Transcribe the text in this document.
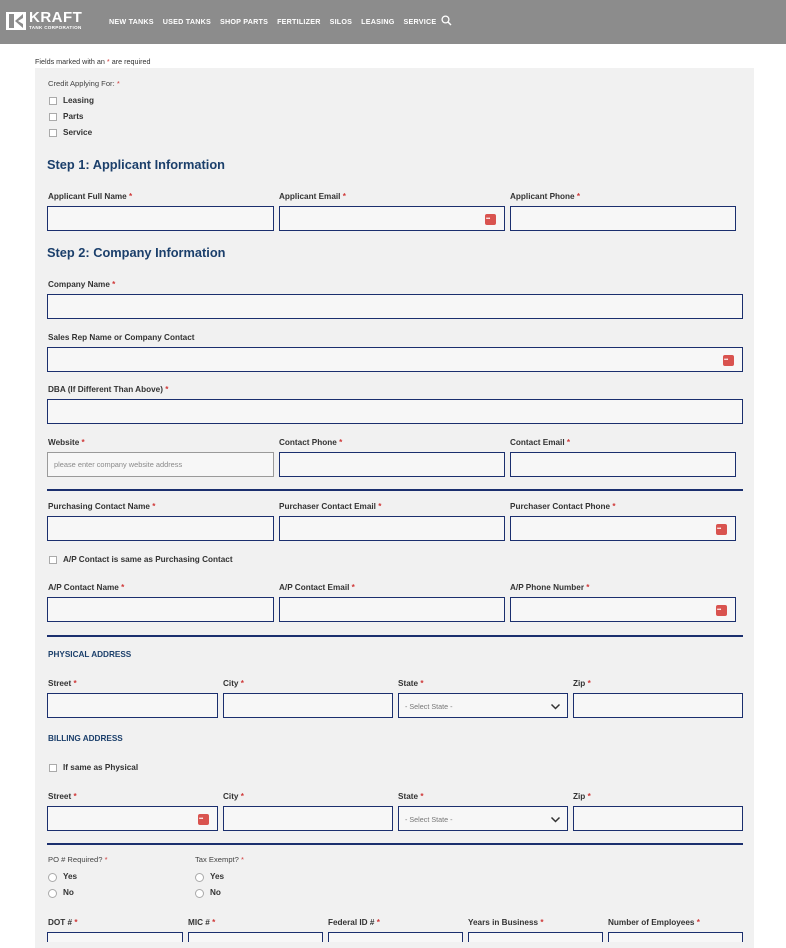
KRAFT
TANK CORPORATION
NEW TANKS USED TANKS SHOP PARTS FERTILIZER SILOS LEASING SERVICE
Fields marked with an * are required
Credit Applying For: *
Leasing
Parts
Service
Step 1: Applicant Information
Applicant Full Name *	Applicant Email *	Applicant Phone *
•••
Step 2: Company Information
Company Name *
Sales Rep Name or Company Contact
•••
DBA (If Different Than Above) *
Website *	Contact Phone *	Contact Email *
please enter company website address
Purchasing Contact Name *	Purchaser Contact Email *	Purchaser Contact Phone *
•••
A/P Contact is same as Purchasing Contact
A/P Contact Name *	A/P Contact Email *	A/P Phone Number *
•••
PHYSICAL ADDRESS
Street *	City *	State *	Zip *
- Select State -
BILLING ADDRESS
If same as Physical
Street *	City *	State *	Zip *
•••
- Select State -
PO # Required? *	Tax Exempt? *
Yes
No
Yes
No
DOT # *	MIC # *	Federal ID # *	Years in Business *	Number of Employees *
